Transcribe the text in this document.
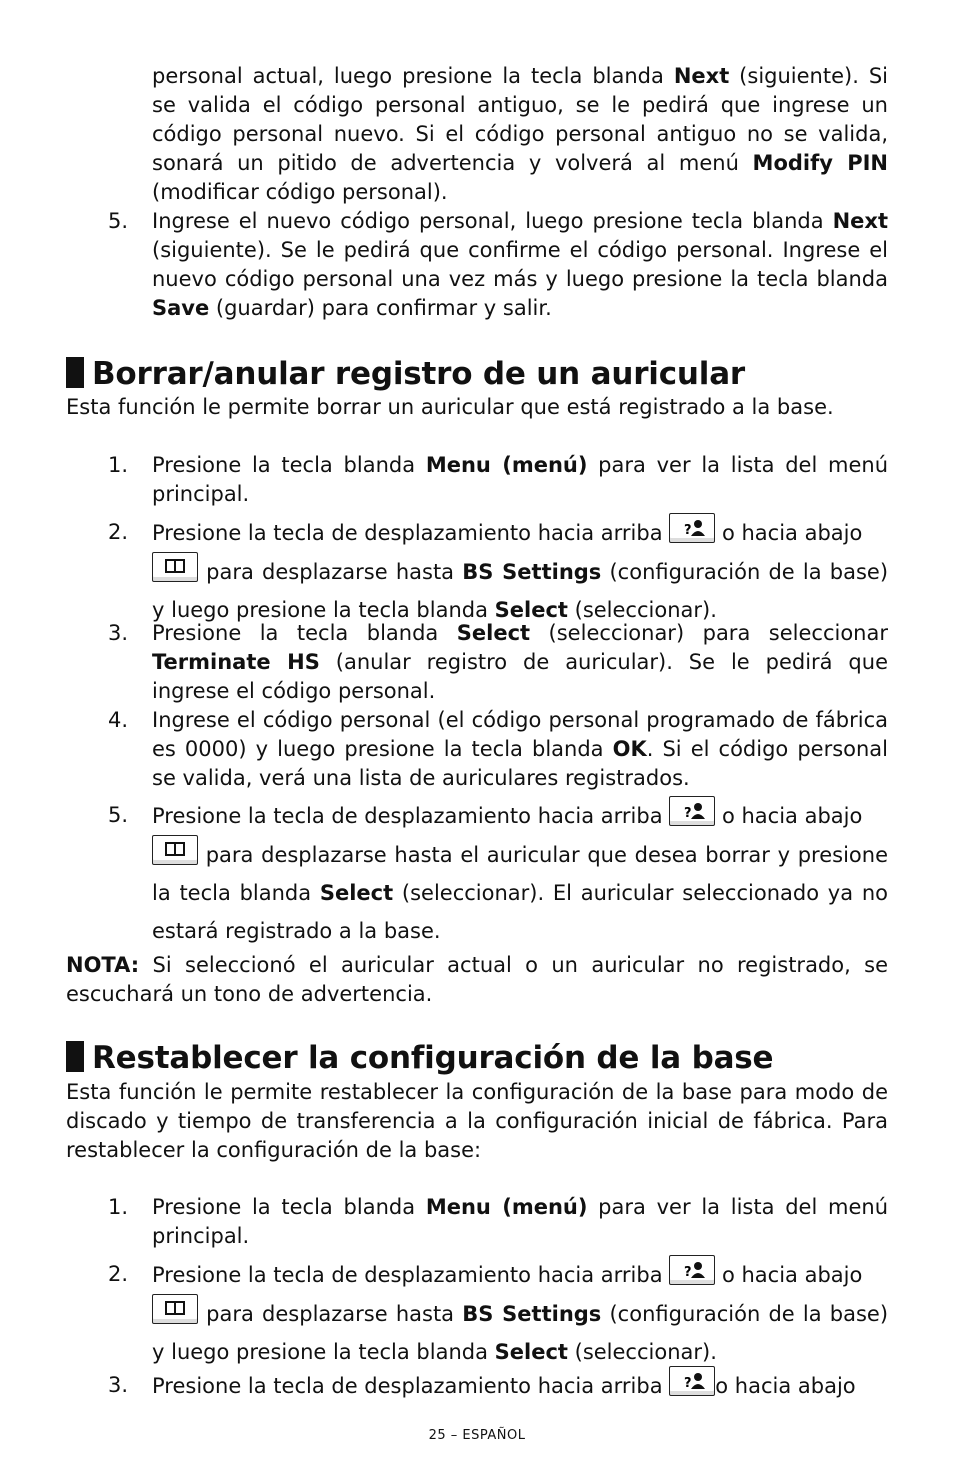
personal actual, luego presione la tecla blanda Next (siguiente). Si se valida el código personal antiguo, se le pedirá que ingrese un código personal nuevo. Si el código personal antiguo no se valida, sonará un pitido de advertencia y volverá al menú Modify PIN (modificar código personal).

5.	Ingrese el nuevo código personal, luego presione tecla blanda Next (siguiente). Se le pedirá que confirme el código personal. Ingrese el nuevo código personal una vez más y luego presione la tecla blanda Save (guardar) para confirmar y salir.
Borrar/anular registro de un auricular

Esta función le permite borrar un auricular que está registrado a la base.

1.	Presione la tecla blanda Menu (menú) para ver la lista del menú principal.
2.	Presione la tecla de desplazamiento hacia arriba ? o hacia abajo

para desplazarse hasta BS Settings (configuración de la base) y luego presione la tecla blanda Select (seleccionar).
3.	Presione la tecla blanda Select (seleccionar) para seleccionar Terminate HS (anular registro de auricular). Se le pedirá que ingrese el código personal.
4.	Ingrese el código personal (el código personal programado de fábrica es 0000) y luego presione la tecla blanda OK. Si el código personal se valida, verá una lista de auriculares registrados.
5.	Presione la tecla de desplazamiento hacia arriba ? o hacia abajo

para desplazarse hasta el auricular que desea borrar y presione la tecla blanda Select (seleccionar). El auricular seleccionado ya no estará registrado a la base.

NOTA: Si seleccionó el auricular actual o un auricular no registrado, se escuchará un tono de advertencia.

Restablecer la configuración de la base

Esta función le permite restablecer la configuración de la base para modo de discado y tiempo de transferencia a la configuración inicial de fábrica. Para restablecer la configuración de la base:

1.	Presione la tecla blanda Menu (menú) para ver la lista del menú principal.
2.	Presione la tecla de desplazamiento hacia arriba ? o hacia abajo

para desplazarse hasta BS Settings (configuración de la base) y luego presione la tecla blanda Select (seleccionar).
3.	Presione la tecla de desplazamiento hacia arriba ? o hacia abajo
25 – ESPAÑOL
